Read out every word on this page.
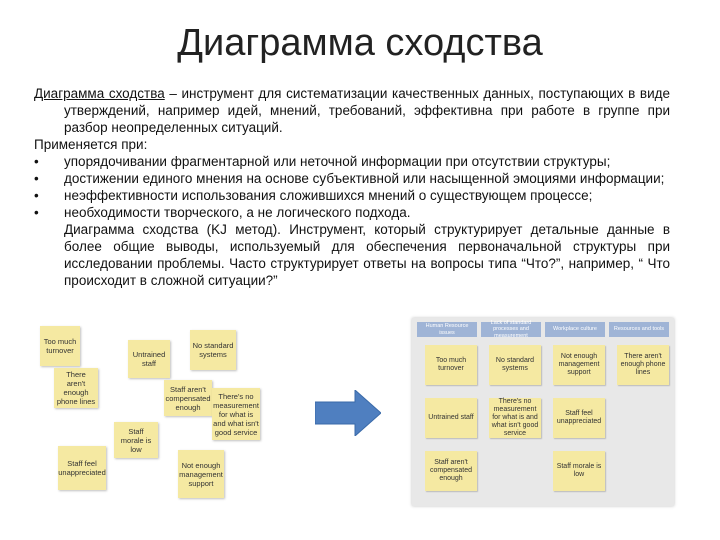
Диаграмма сходства

Диаграмма сходства – инструмент для систематизации качественных данных, поступающих в виде утверждений, например идей, мнений, требований, эффективна при работе в группе при разбор неопределенных ситуаций.

Применяется при:

• упорядочивании фрагментарной или неточной информации при отсутствии структуры;
• достижении единого мнения на основе субъективной или насыщенной эмоциями информации;
• неэффективности использования сложившихся мнений о существующем процессе;
• необходимости творческого, а не логического подхода.

Диаграмма сходства (KJ метод). Инструмент, который структурирует детальные данные в более общие выводы, используемый для обеспечения первоначальной структуры при исследовании проблемы. Часто структурирует ответы на вопросы типа “Что?”, например, “ Что происходит в сложной ситуации?”

Too much turnover	Untrained staff
No standard systems
There aren't enough phone lines
Staff aren't compensated enough
There's no measurement for what is and what isn't good service
Staff morale is low
Staff feel unappreciated
Not enough management support
Human Resource issues
Lack of standard processes and measurement
Workplace culture	Resources and tools
Too much turnover
Untrained staff
Staff aren't compensated enough
No standard systems
There's no measurement for what is and what isn't good service
Not enough management support
Staff feel unappreciated
Staff morale is low
There aren't enough phone lines
